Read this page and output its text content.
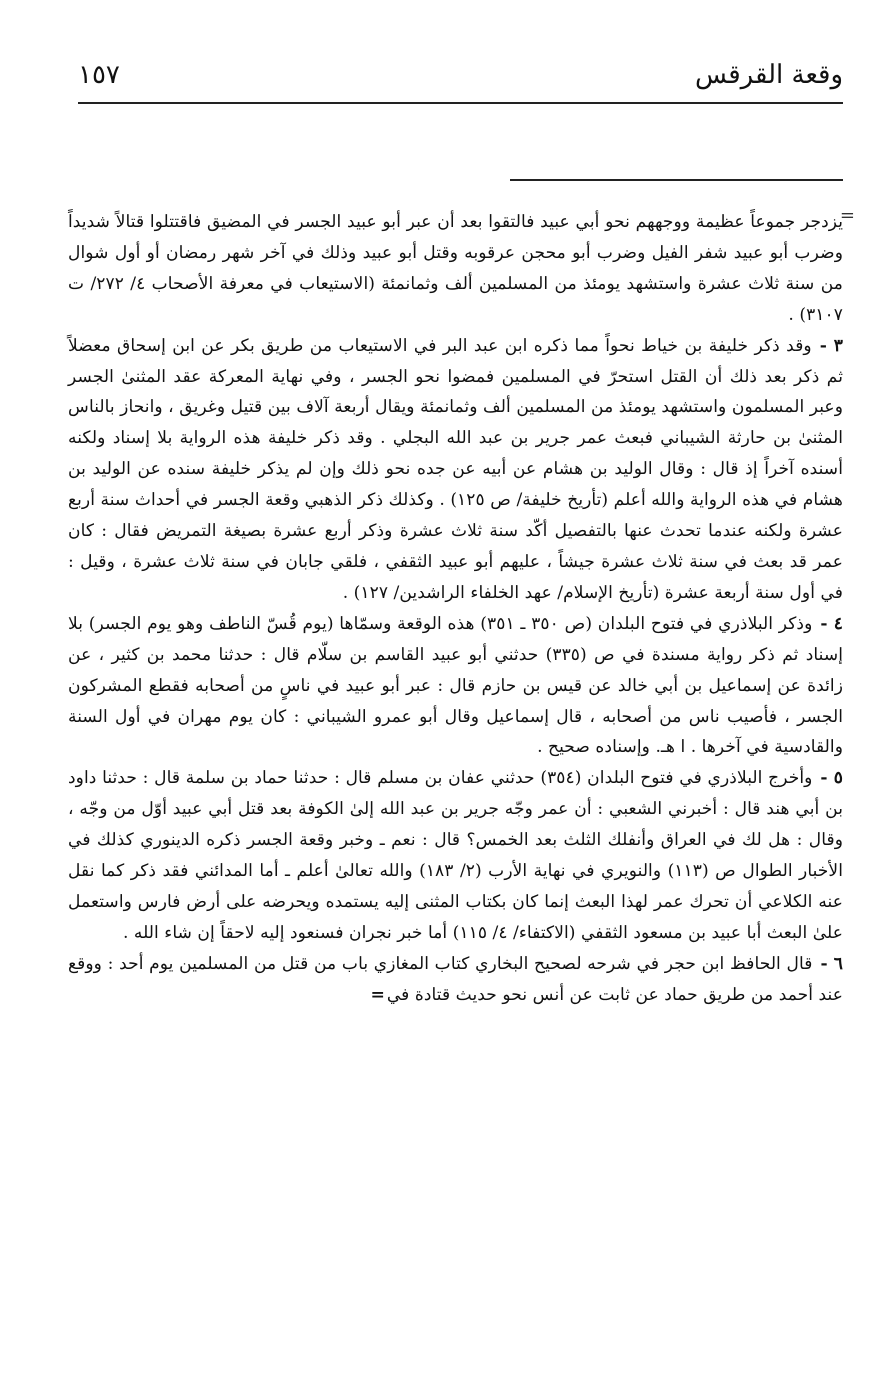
وقعة القرقس
١٥٧
=

يزدجر جموعاً عظيمة ووجههم نحو أبي عبيد فالتقوا بعد أن عبر أبو عبيد الجسر في المضيق فاقتتلوا قتالاً شديداً وضرب أبو عبيد شفر الفيل وضرب أبو محجن عرقوبه وقتل أبو عبيد وذلك في آخر شهر رمضان أو أول شوال من سنة ثلاث عشرة واستشهد يومئذ من المسلمين ألف وثمانمئة (الاستيعاب في معرفة الأصحاب ٤/ ٢٧٢/ ت ٣١٠٧) .

٣ -وقد ذكر خليفة بن خياط نحواً مما ذكره ابن عبد البر في الاستيعاب من طريق بكر عن ابن إسحاق معضلاً ثم ذكر بعد ذلك أن القتل استحرّ في المسلمين فمضوا نحو الجسر ، وفي نهاية المعركة عقد المثنىٰ الجسر وعبر المسلمون واستشهد يومئذ من المسلمين ألف وثمانمئة ويقال أربعة آلاف بين قتيل وغريق ، وانحاز بالناس المثنىٰ بن حارثة الشيباني فبعث عمر جرير بن عبد الله البجلي . وقد ذكر خليفة هذه الرواية بلا إسناد ولكنه أسنده آخراً إذ قال : وقال الوليد بن هشام عن أبيه عن جده نحو ذلك وإن لم يذكر خليفة سنده عن الوليد بن هشام في هذه الرواية والله أعلم (تأريخ خليفة/ ص ١٢٥) . وكذلك ذكر الذهبي وقعة الجسر في أحداث سنة أربع عشرة ولكنه عندما تحدث عنها بالتفصيل أكّد سنة ثلاث عشرة وذكر أربع عشرة بصيغة التمريض فقال : كان عمر قد بعث في سنة ثلاث عشرة جيشاً ، عليهم أبو عبيد الثقفي ، فلقي جابان في سنة ثلاث عشرة ، وقيل : في أول سنة أربعة عشرة (تأريخ الإسلام/ عهد الخلفاء الراشدين/ ١٢٧) .

٤ -وذكر البلاذري في فتوح البلدان (ص ٣٥٠ ـ ٣٥١) هذه الوقعة وسمّاها (يوم قُسّ الناطف وهو يوم الجسر) بلا إسناد ثم ذكر رواية مسندة في ص (٣٣٥) حدثني أبو عبيد القاسم بن سلّام قال : حدثنا محمد بن كثير ، عن زائدة عن إسماعيل بن أبي خالد عن قيس بن حازم قال : عبر أبو عبيد في ناسٍ من أصحابه فقطع المشركون الجسر ، فأصيب ناس من أصحابه ، قال إسماعيل وقال أبو عمرو الشيباني : كان يوم مهران في أول السنة والقادسية في آخرها . ا هـ. وإسناده صحيح .

٥ -وأخرج البلاذري في فتوح البلدان (٣٥٤) حدثني عفان بن مسلم قال : حدثنا حماد بن سلمة قال : حدثنا داود بن أبي هند قال : أخبرني الشعبي : أن عمر وجّه جرير بن عبد الله إلىٰ الكوفة بعد قتل أبي عبيد أوّل من وجّه ، وقال : هل لك في العراق وأنفلك الثلث بعد الخمس؟ قال : نعم ـ وخبر وقعة الجسر ذكره الدينوري كذلك في الأخبار الطوال ص (١١٣) والنويري في نهاية الأرب (٢/ ١٨٣) والله تعالىٰ أعلم ـ أما المدائني فقد ذكر كما نقل عنه الكلاعي أن تحرك عمر لهذا البعث إنما كان بكتاب المثنى إليه يستمده ويحرضه على أرض فارس واستعمل علىٰ البعث أبا عبيد بن مسعود الثقفي (الاكتفاء/ ٤/ ١١٥) أما خبر نجران فسنعود إليه لاحقاً إن شاء الله .

٦ -قال الحافظ ابن حجر في شرحه لصحيح البخاري كتاب المغازي باب من قتل من المسلمين يوم أحد : ووقع عند أحمد من طريق حماد عن ثابت عن أنس نحو حديث قتادة في=
